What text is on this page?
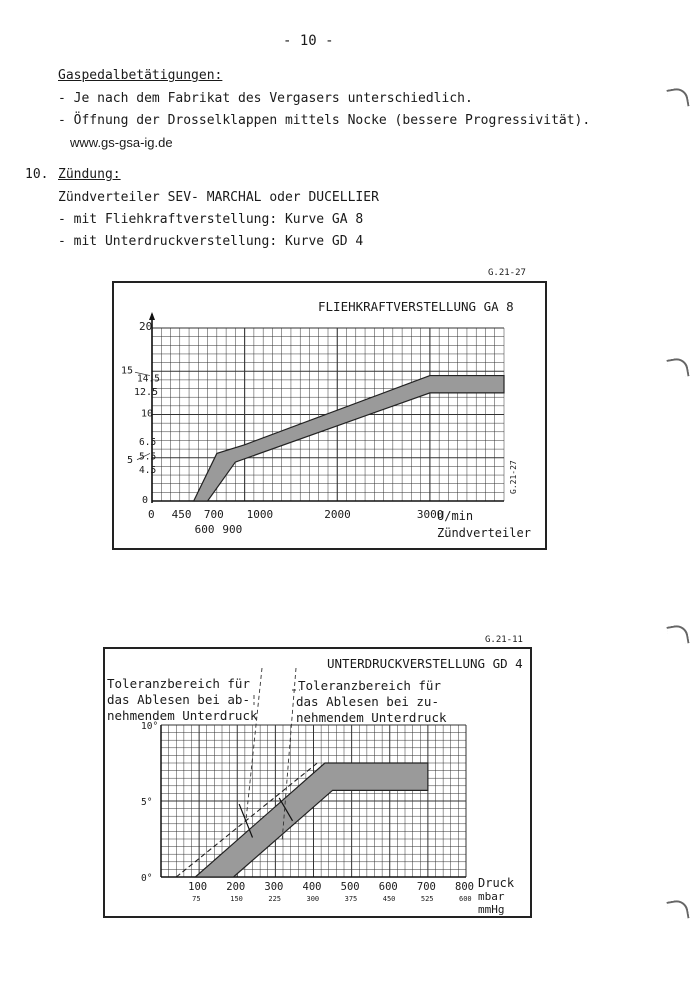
- 10 -
Gaspedalbetätigungen:
- Je nach dem Fabrikat des Vergasers unterschiedlich.
- Öffnung der Drosselklappen mittels Nocke (bessere Progressivität).
www.gs-gsa-ig.de
10. Zündung:
Zündverteiler SEV- MARCHAL oder DUCELLIER
- mit Fliehkraftverstellung: Kurve GA 8
- mit Unterdruckverstellung: Kurve GD 4
G.21-27
G.21-11
FLIEHKRAFTVERSTELLUNG GA 8
0 450 700 1000	2000	3000
600 900
20
15
14.5
12.5
10
6.5
5.5
5
4.5
0
U/min
Zündverteiler
G.21-27
UNTERDRUCKVERSTELLUNG GD 4
100 200 300 400 500 600 700 800
75	150	225	300	375	450	525	600
10°
5°
0°
Toleranzbereich für
das Ablesen bei ab-
nehmendem Unterdruck
Toleranzbereich für
das Ablesen bei zu-
nehmendem Unterdruck
Druck
mbar
mmHg
